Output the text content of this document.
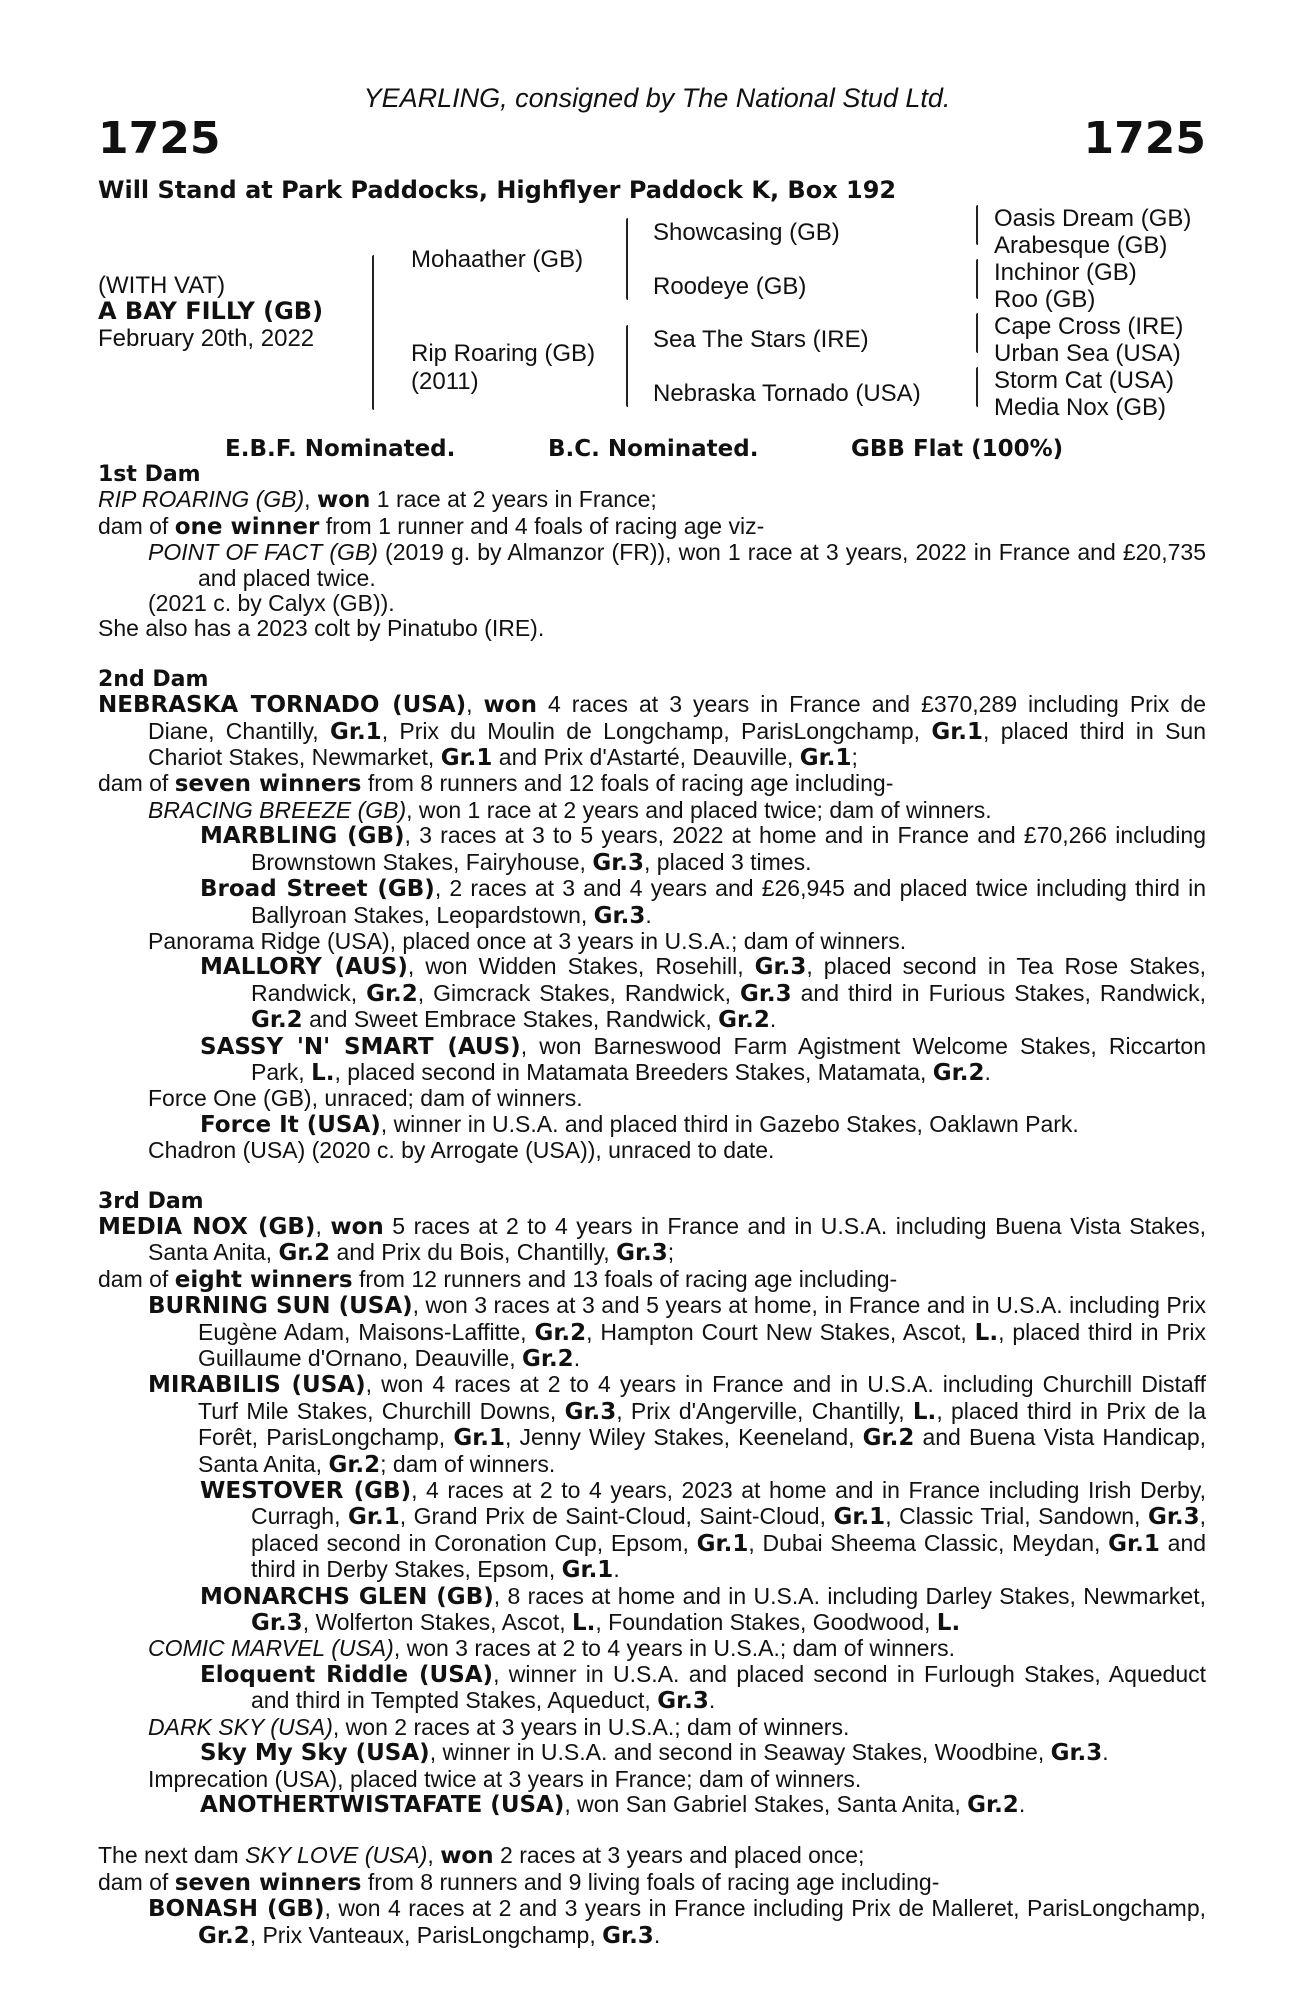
YEARLING, consigned by The National Stud Ltd.
1725	1725
Will Stand at Park Paddocks, Highflyer Paddock K, Box 192
(WITH VAT)
A BAY FILLY (GB)
February 20th, 2022
Mohaather (GB)
Rip Roaring (GB)
(2011)
Showcasing (GB)
Roodeye (GB)
Sea The Stars (IRE)
Nebraska Tornado (USA)
Oasis Dream (GB)
Arabesque (GB)
Inchinor (GB)
Roo (GB)
Cape Cross (IRE)
Urban Sea (USA)
Storm Cat (USA)
Media Nox (GB)
E.B.F. Nominated.	B.C. Nominated.	GBB Flat (100%)

1st Dam

RIP ROARING (GB), won 1 race at 2 years in France;

dam of one winner from 1 runner and 4 foals of racing age viz-

POINT OF FACT (GB) (2019 g. by Almanzor (FR)), won 1 race at 3 years, 2022 in France and £20,735 and placed twice.

(2021 c. by Calyx (GB)).

She also has a 2023 colt by Pinatubo (IRE).

2nd Dam

NEBRASKA TORNADO (USA), won 4 races at 3 years in France and £370,289 including Prix de Diane, Chantilly, Gr.1, Prix du Moulin de Longchamp, ParisLongchamp, Gr.1, placed third in Sun Chariot Stakes, Newmarket, Gr.1 and Prix d'Astarté, Deauville, Gr.1;

dam of seven winners from 8 runners and 12 foals of racing age including-

BRACING BREEZE (GB), won 1 race at 2 years and placed twice; dam of winners.

MARBLING (GB), 3 races at 3 to 5 years, 2022 at home and in France and £70,266 including Brownstown Stakes, Fairyhouse, Gr.3, placed 3 times.

Broad Street (GB), 2 races at 3 and 4 years and £26,945 and placed twice including third in Ballyroan Stakes, Leopardstown, Gr.3.

Panorama Ridge (USA), placed once at 3 years in U.S.A.; dam of winners.

MALLORY (AUS), won Widden Stakes, Rosehill, Gr.3, placed second in Tea Rose Stakes, Randwick, Gr.2, Gimcrack Stakes, Randwick, Gr.3 and third in Furious Stakes, Randwick, Gr.2 and Sweet Embrace Stakes, Randwick, Gr.2.

SASSY 'N' SMART (AUS), won Barneswood Farm Agistment Welcome Stakes, Riccarton Park, L., placed second in Matamata Breeders Stakes, Matamata, Gr.2.

Force One (GB), unraced; dam of winners.

Force It (USA), winner in U.S.A. and placed third in Gazebo Stakes, Oaklawn Park.

Chadron (USA) (2020 c. by Arrogate (USA)), unraced to date.

3rd Dam

MEDIA NOX (GB), won 5 races at 2 to 4 years in France and in U.S.A. including Buena Vista Stakes, Santa Anita, Gr.2 and Prix du Bois, Chantilly, Gr.3;

dam of eight winners from 12 runners and 13 foals of racing age including-

BURNING SUN (USA), won 3 races at 3 and 5 years at home, in France and in U.S.A. including Prix Eugène Adam, Maisons-Laffitte, Gr.2, Hampton Court New Stakes, Ascot, L., placed third in Prix Guillaume d'Ornano, Deauville, Gr.2.

MIRABILIS (USA), won 4 races at 2 to 4 years in France and in U.S.A. including Churchill Distaff Turf Mile Stakes, Churchill Downs, Gr.3, Prix d'Angerville, Chantilly, L., placed third in Prix de la Forêt, ParisLongchamp, Gr.1, Jenny Wiley Stakes, Keeneland, Gr.2 and Buena Vista Handicap, Santa Anita, Gr.2; dam of winners.

WESTOVER (GB), 4 races at 2 to 4 years, 2023 at home and in France including Irish Derby, Curragh, Gr.1, Grand Prix de Saint-Cloud, Saint-Cloud, Gr.1, Classic Trial, Sandown, Gr.3, placed second in Coronation Cup, Epsom, Gr.1, Dubai Sheema Classic, Meydan, Gr.1 and third in Derby Stakes, Epsom, Gr.1.

MONARCHS GLEN (GB), 8 races at home and in U.S.A. including Darley Stakes, Newmarket, Gr.3, Wolferton Stakes, Ascot, L., Foundation Stakes, Goodwood, L.

COMIC MARVEL (USA), won 3 races at 2 to 4 years in U.S.A.; dam of winners.

Eloquent Riddle (USA), winner in U.S.A. and placed second in Furlough Stakes, Aqueduct and third in Tempted Stakes, Aqueduct, Gr.3.

DARK SKY (USA), won 2 races at 3 years in U.S.A.; dam of winners.

Sky My Sky (USA), winner in U.S.A. and second in Seaway Stakes, Woodbine, Gr.3.

Imprecation (USA), placed twice at 3 years in France; dam of winners.

ANOTHERTWISTAFATE (USA), won San Gabriel Stakes, Santa Anita, Gr.2.

The next dam SKY LOVE (USA), won 2 races at 3 years and placed once;

dam of seven winners from 8 runners and 9 living foals of racing age including-

BONASH (GB), won 4 races at 2 and 3 years in France including Prix de Malleret, ParisLongchamp, Gr.2, Prix Vanteaux, ParisLongchamp, Gr.3.
